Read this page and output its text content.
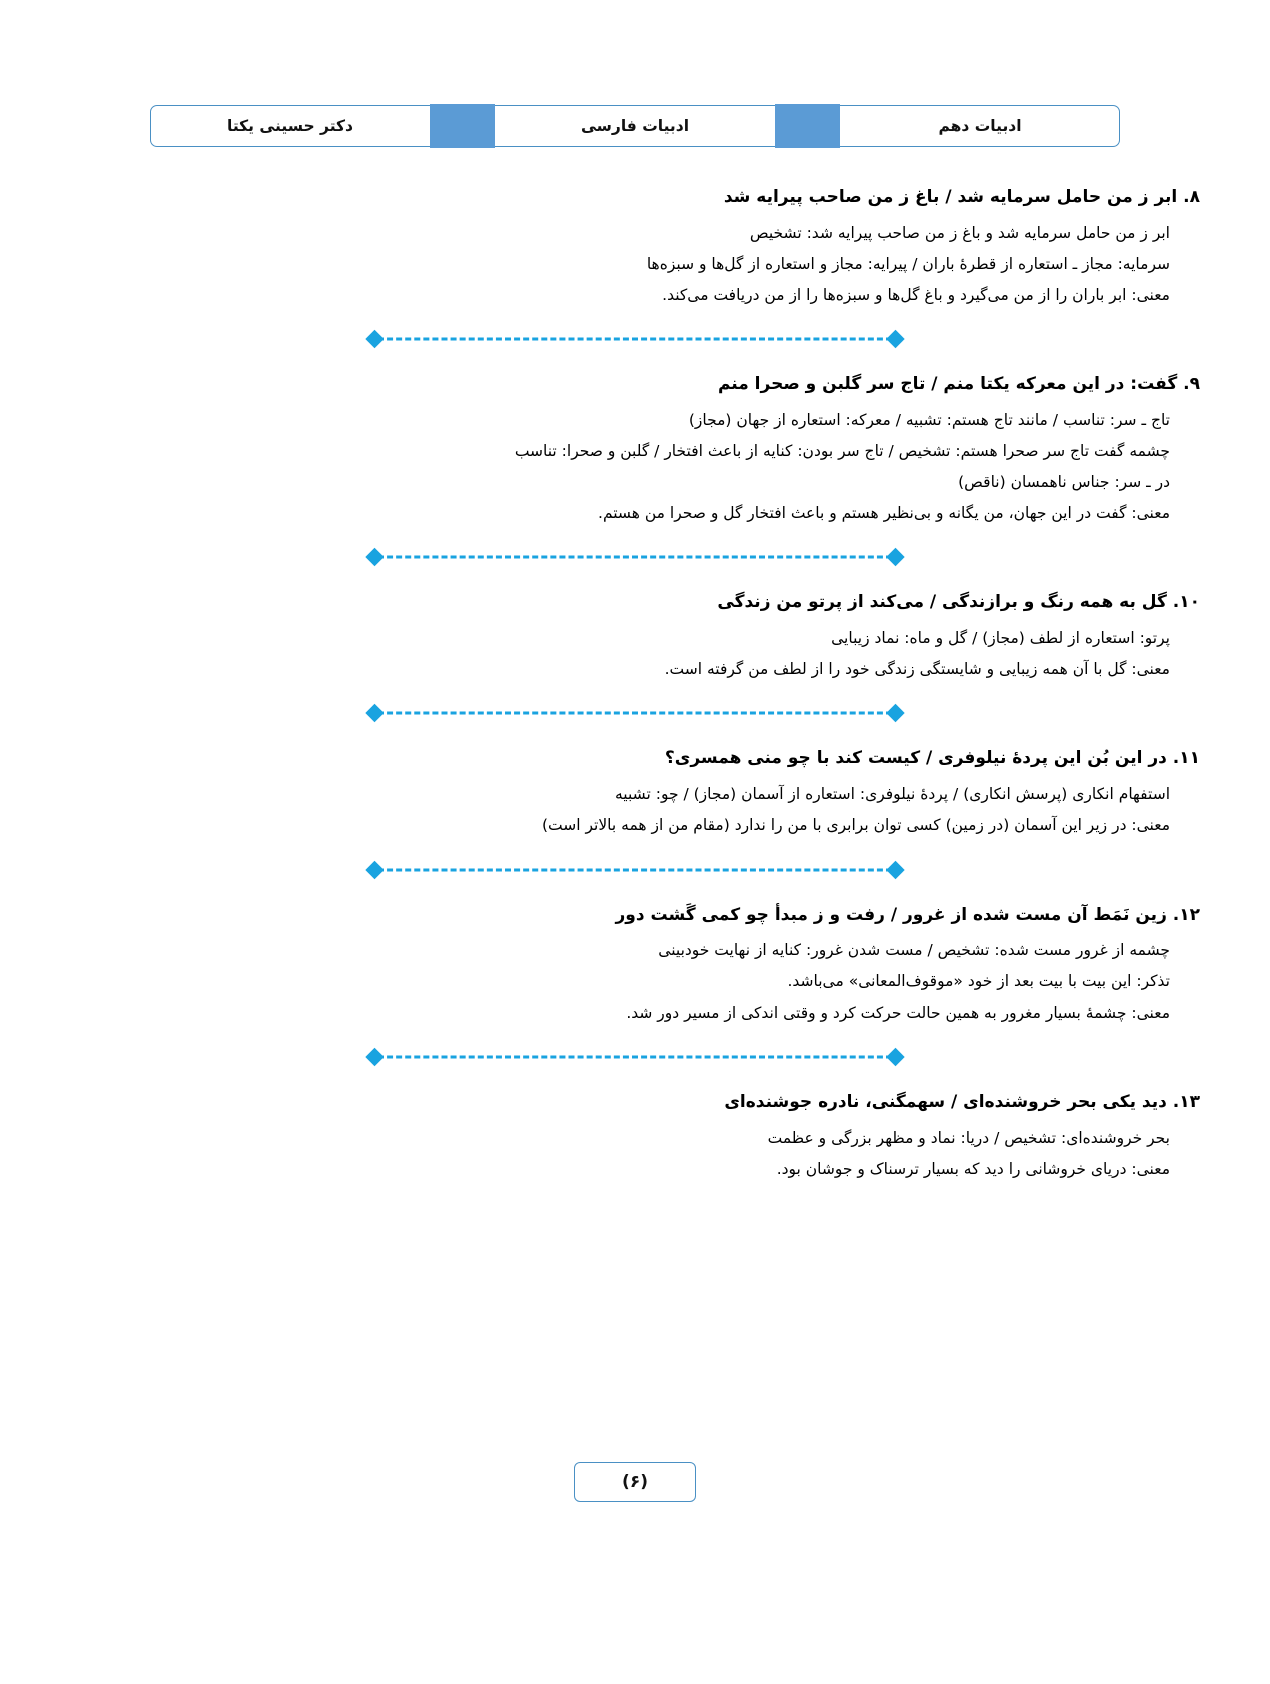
ادبیات دهم
ادبیات فارسی
دکتر حسینی یکتا

۸. ابر ز من حامل سرمایه شد / باغ ز من صاحب پیرایه شد

ابر ز من حامل سرمایه شد و باغ ز من صاحب پیرایه شد: تشخیص

سرمایه: مجاز ـ استعاره از قطرهٔ باران / پیرایه: مجاز و استعاره از گل‌ها و سبزه‌ها

معنی: ابر باران را از من می‌گیرد و باغ گل‌ها و سبزه‌ها را از من دریافت می‌کند.

۹. گفت: در این معرکه یکتا منم / تاج سر گلبن و صحرا منم

تاج ـ سر: تناسب / مانند تاج هستم: تشبیه / معرکه: استعاره از جهان (مجاز)

چشمه گفت تاج سر صحرا هستم: تشخیص / تاج سر بودن: کنایه از باعث افتخار / گلبن و صحرا: تناسب

در ـ سر: جناس ناهمسان (ناقص)

معنی: گفت در این جهان، من یگانه و بی‌نظیر هستم و باعث افتخار گل و صحرا من هستم.

۱۰. گل به همه رنگ و برازندگی / می‌کند از پرتو من زندگی

پرتو: استعاره از لطف (مجاز) / گل و ماه: نماد زیبایی

معنی: گل با آن همه زیبایی و شایستگی زندگی خود را از لطف من گرفته است.

۱۱. در این بُن این پردهٔ نیلوفری / کیست کند با چو منی همسری؟

استفهام انکاری (پرسش انکاری) / پردهٔ نیلوفری: استعاره از آسمان (مجاز) / چو: تشبیه

معنی: در زیر این آسمان (در زمین) کسی توان برابری با من را ندارد (مقام من از همه بالاتر است)

۱۲. زین نَمَط آن مست شده از غرور / رفت و ز مبدأ چو کمی گَشت دور

چشمه از غرور مست شده: تشخیص / مست شدن غرور: کنایه از نهایت خودبینی

تذکر: این بیت با بیت بعد از خود «موقوف‌المعانی» می‌باشد.

معنی: چشمهٔ بسیار مغرور به همین حالت حرکت کرد و وقتی اندکی از مسیر دور شد.

۱۳. دید یکی بحر خروشنده‌ای / سهمگنی، نادره جوشنده‌ای

بحر خروشنده‌ای: تشخیص / دریا: نماد و مظهر بزرگی و عظمت

معنی: دریای خروشانی را دید که بسیار ترسناک و جوشان بود.

(۶)
